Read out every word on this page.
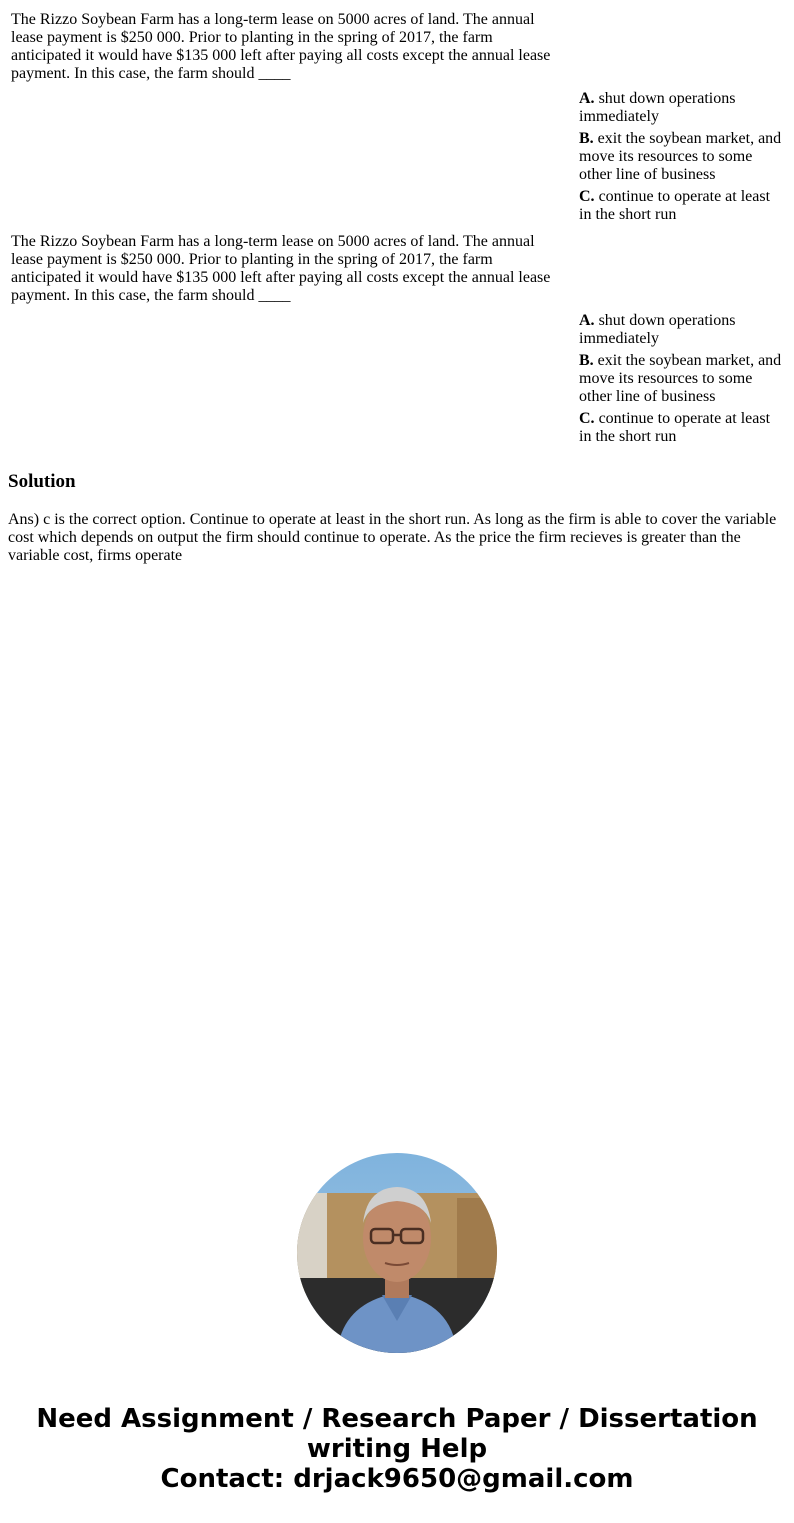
The Rizzo Soybean Farm has a long-term lease on 5000 acres of land. The annual lease payment is $250 000. Prior to planting in the spring of 2017, the farm anticipated it would have $135 000 left after paying all costs except the annual lease payment. In this case, the farm should ____
A. shut down operations immediately
B. exit the soybean market, and move its resources to some other line of business
C. continue to operate at least in the short run
The Rizzo Soybean Farm has a long-term lease on 5000 acres of land. The annual lease payment is $250 000. Prior to planting in the spring of 2017, the farm anticipated it would have $135 000 left after paying all costs except the annual lease payment. In this case, the farm should ____
A. shut down operations immediately
B. exit the soybean market, and move its resources to some other line of business
C. continue to operate at least in the short run
Solution

Ans) c is the correct option. Continue to operate at least in the short run. As long as the firm is able to cover the variable cost which depends on output the firm should continue to operate. As the price the firm recieves is greater than the variable cost, firms operate

Need Assignment / Research Paper / Dissertation writing Help
Contact: drjack9650@gmail.com
